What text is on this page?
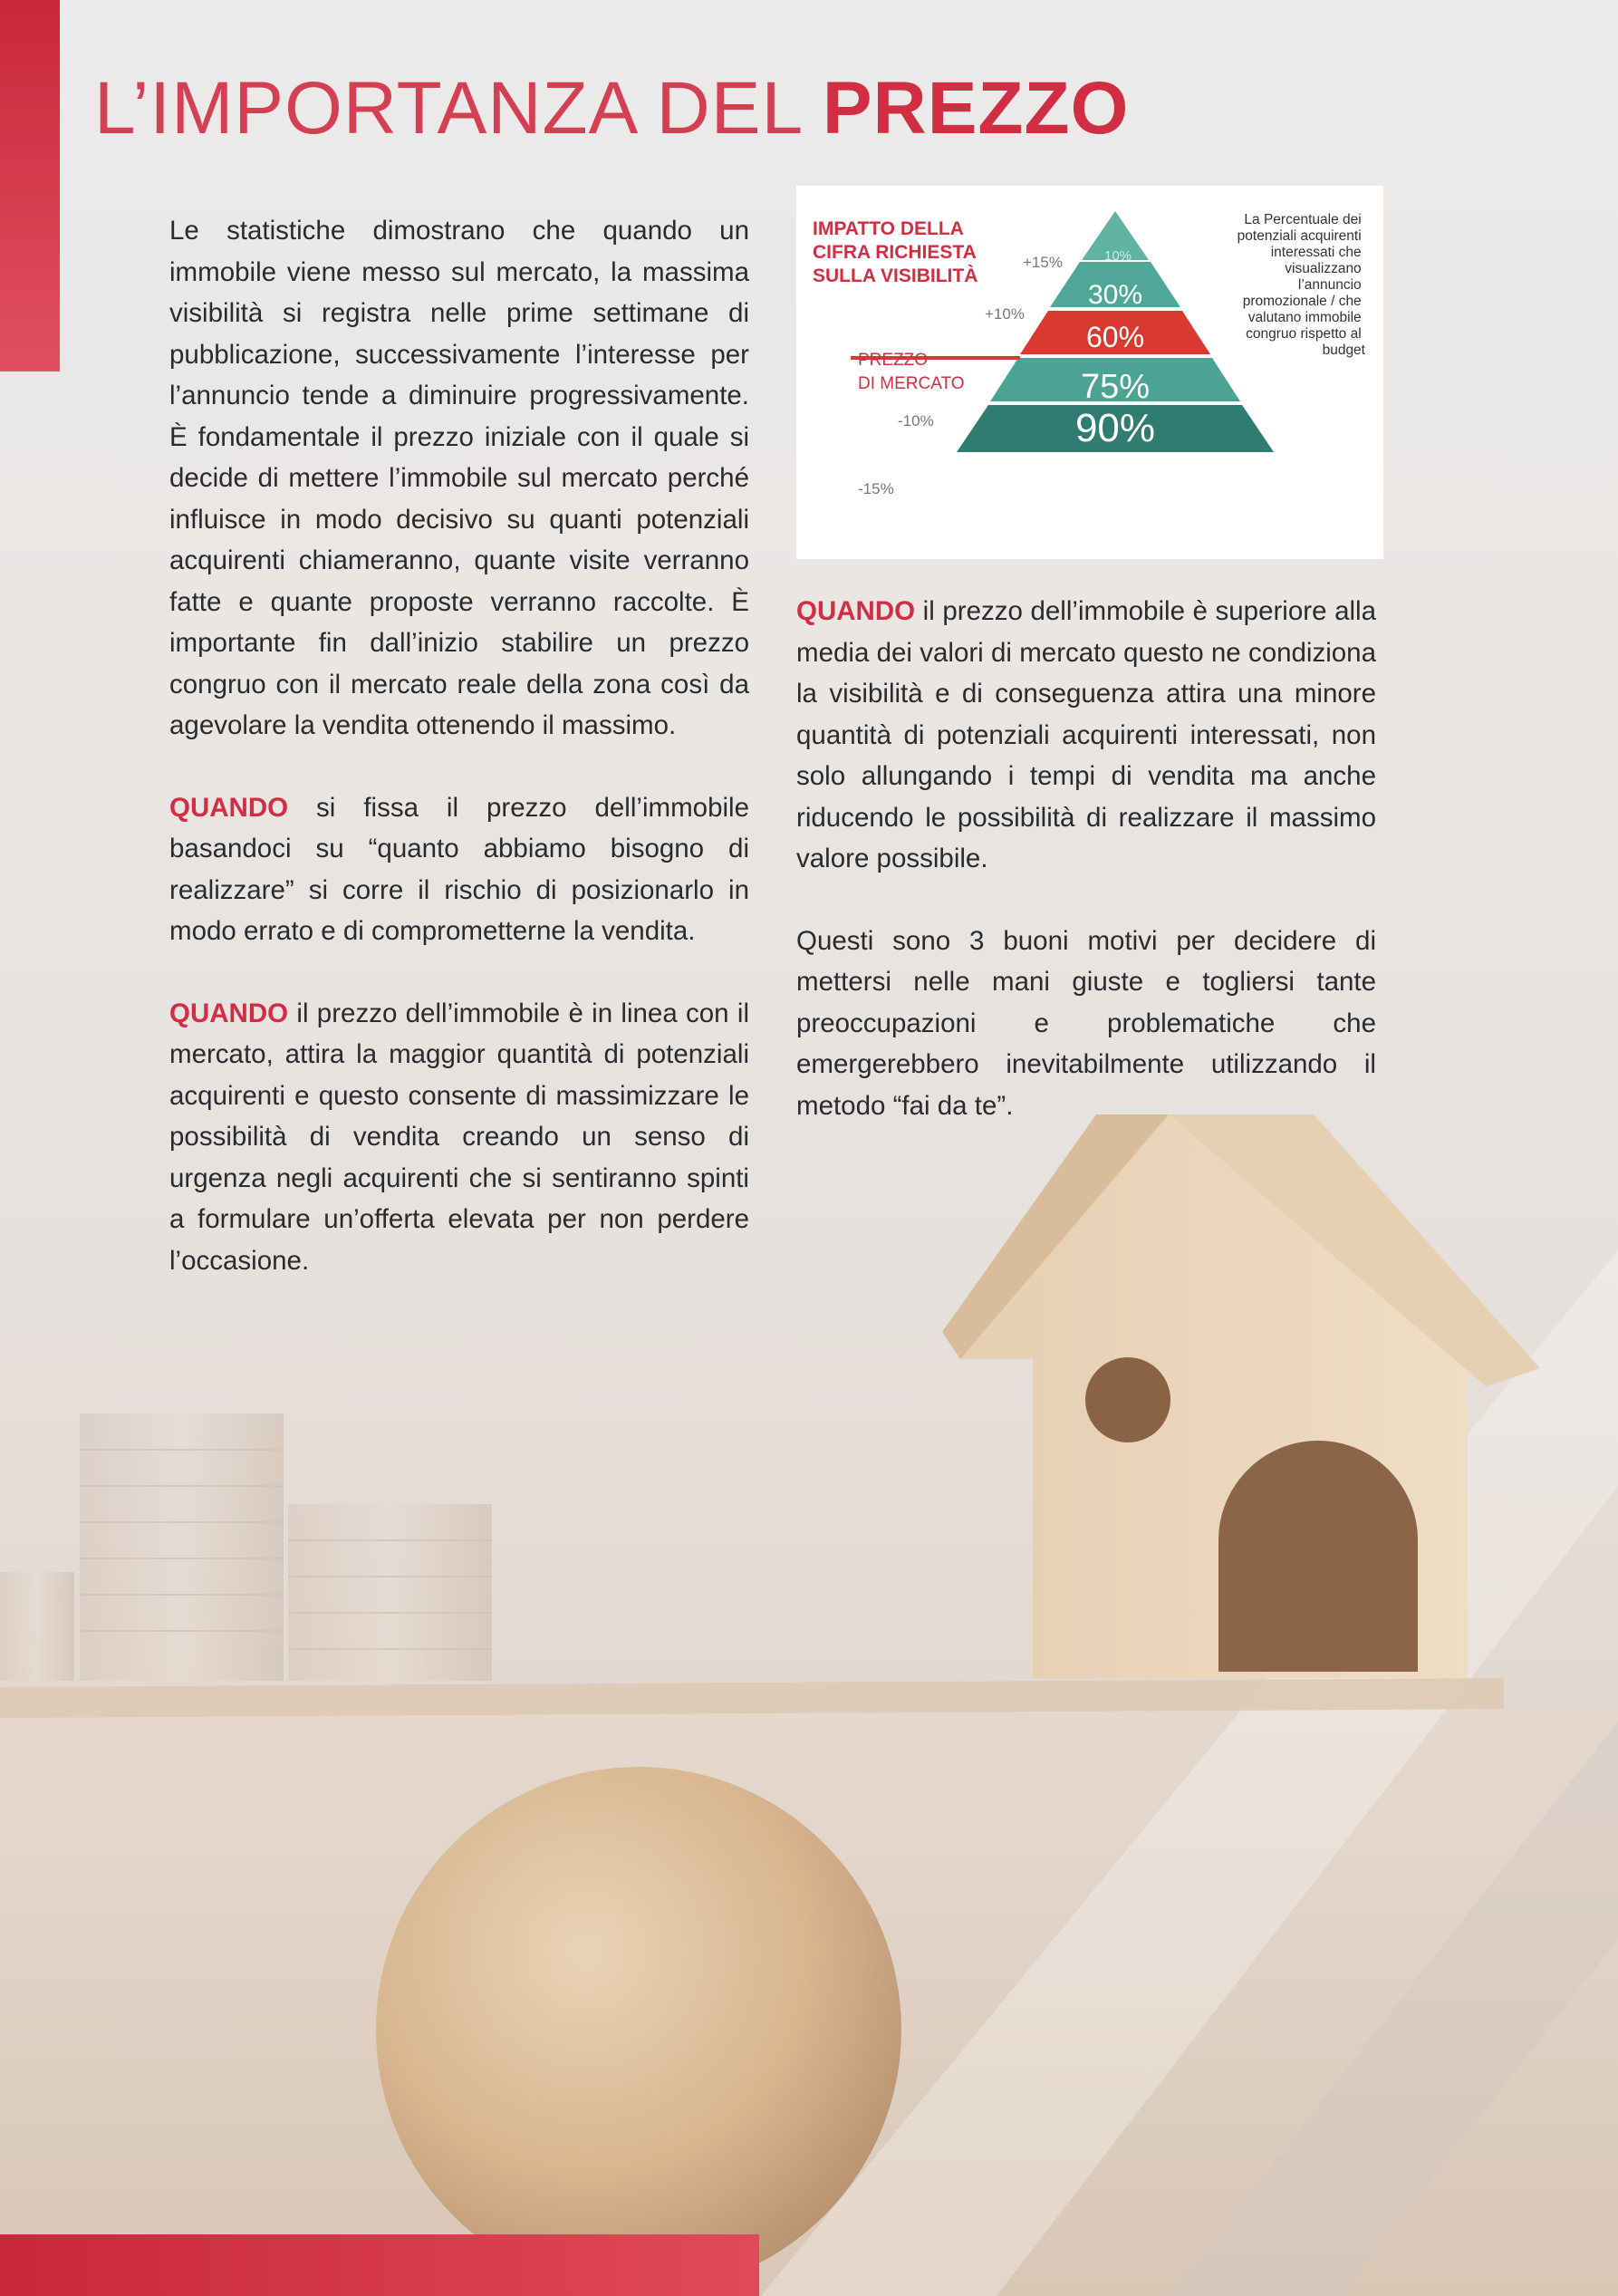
L’IMPORTANZA DEL PREZZO

Le statistiche dimostrano che quando un immobile viene messo sul mercato, la massima visibilità si registra nelle prime settimane di pubblicazione, successivamente l’interesse per l’annuncio tende a diminuire progressivamente. È fondamentale il prezzo iniziale con il quale si decide di mettere l’immobile sul mercato perché influisce in modo decisivo su quanti potenziali acquirenti chiameranno, quante visite verranno fatte e quante proposte verranno raccolte. È importante fin dall’inizio stabilire un prezzo congruo con il mercato reale della zona così da agevolare la vendita ottenendo il massimo.

QUANDO si fissa il prezzo dell’immobile basandoci su “quanto abbiamo bisogno di realizzare” si corre il rischio di posizionarlo in modo errato e di comprometterne la vendita.

QUANDO il prezzo dell’immobile è in linea con il mercato, attira la maggior quantità di potenziali acquirenti e questo consente di massimizzare le possibilità di vendita creando un senso di urgenza negli acquirenti che si sentiranno spinti a formulare un’offerta elevata per non perdere l’occasione.

10%
30%
60%
75%
90%
+15%
+10%
-10%
-15%
IMPATTO DELLA CIFRA RICHIESTA SULLA VISIBILITÀ
PREZZO DI MERCATO
La Percentuale dei potenziali acquirenti interessati che visualizzano l’annuncio promozionale / che valutano immobile congruo rispetto al budget

QUANDO il prezzo dell’immobile è superiore alla media dei valori di mercato questo ne condiziona la visibilità e di conseguenza attira una minore quantità di potenziali acquirenti interessati, non solo allungando i tempi di vendita ma anche riducendo le possibilità di realizzare il massimo valore possibile.

Questi sono 3 buoni motivi per decidere di mettersi nelle mani giuste e togliersi tante preoccupazioni e problematiche che emergerebbero inevitabilmente utilizzando il metodo “fai da te”.
